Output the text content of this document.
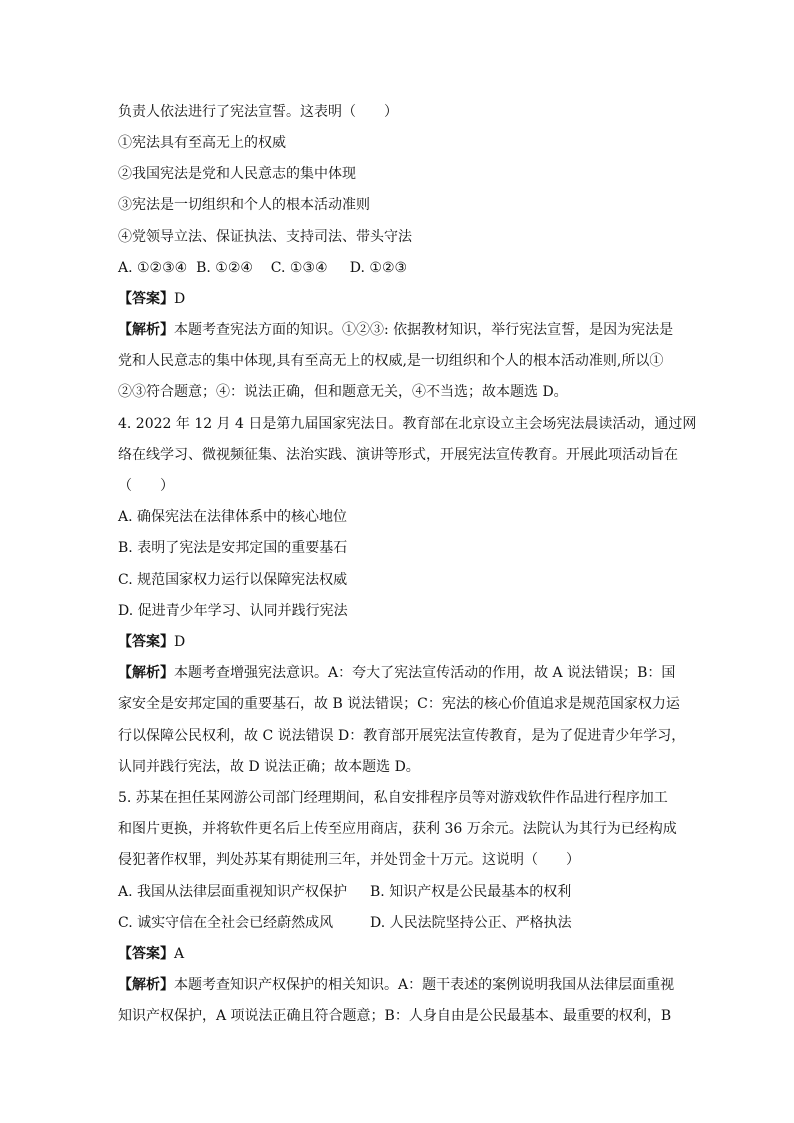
负责人依法进行了宪法宣誓。这表明（　　）
①宪法具有至高无上的权威
②我国宪法是党和人民意志的集中体现
③宪法是一切组织和个人的根本活动准则
④党领导立法、保证执法、支持司法、带头守法
A. ①②③④  B. ①②④    C. ①③④     D. ①②③
【答案】D
【解析】本题考查宪法方面的知识。①②③: 依据教材知识，举行宪法宣誓，是因为宪法是
党和人民意志的集中体现,具有至高无上的权威,是一切组织和个人的根本活动准则,所以①
②③符合题意；④：说法正确，但和题意无关，④不当选；故本题选 D。
4. 2022 年 12 月 4 日是第九届国家宪法日。教育部在北京设立主会场宪法晨读活动，通过网
络在线学习、微视频征集、法治实践、演讲等形式，开展宪法宣传教育。开展此项活动旨在
（　　）
A. 确保宪法在法律体系中的核心地位
B. 表明了宪法是安邦定国的重要基石
C. 规范国家权力运行以保障宪法权威
D. 促进青少年学习、认同并践行宪法
【答案】D
【解析】本题考查增强宪法意识。A：夸大了宪法宣传活动的作用，故 A 说法错误；B：国
家安全是安邦定国的重要基石，故 B 说法错误；C：宪法的核心价值追求是规范国家权力运
行以保障公民权利，故 C 说法错误 D：教育部开展宪法宣传教育，是为了促进青少年学习，
认同并践行宪法，故 D 说法正确；故本题选 D。
5. 苏某在担任某网游公司部门经理期间，私自安排程序员等对游戏软件作品进行程序加工
和图片更换，并将软件更名后上传至应用商店，获利 36 万余元。法院认为其行为已经构成
侵犯著作权罪，判处苏某有期徒刑三年，并处罚金十万元。这说明（　　）
A. 我国从法律层面重视知识产权保护 B. 知识产权是公民最基本的权利
C. 诚实守信在全社会已经蔚然成风	D. 人民法院坚持公正、严格执法
【答案】A
【解析】本题考查知识产权保护的相关知识。A：题干表述的案例说明我国从法律层面重视
知识产权保护，A 项说法正确且符合题意；B：人身自由是公民最基本、最重要的权利，B
